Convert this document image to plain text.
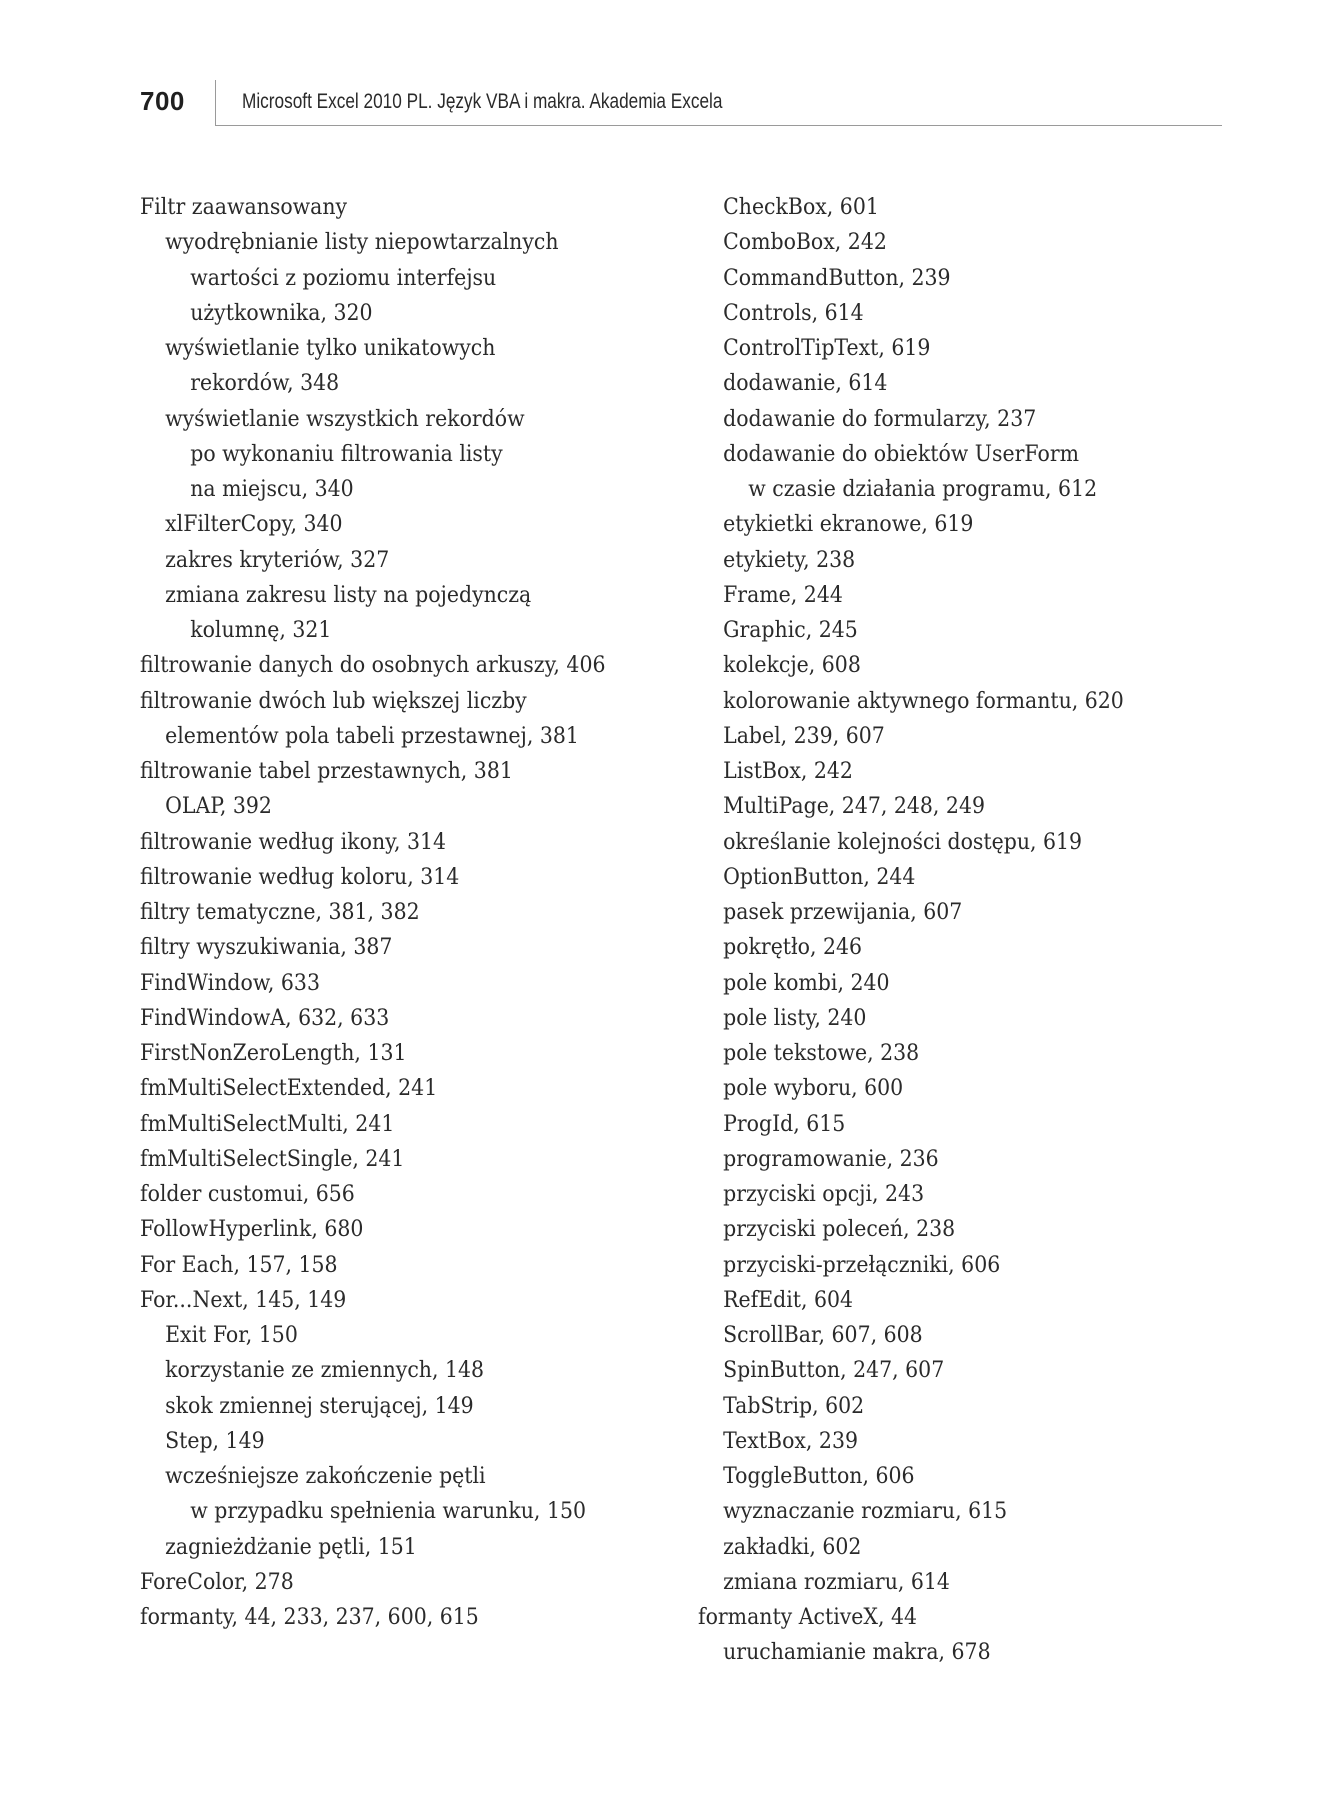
700	Microsoft Excel 2010 PL. Język VBA i makra. Akademia Excela
Filtr zaawansowany
wyodrębnianie listy niepowtarzalnych
wartości z poziomu interfejsu
użytkownika, 320
wyświetlanie tylko unikatowych
rekordów, 348
wyświetlanie wszystkich rekordów
po wykonaniu filtrowania listy
na miejscu, 340
xlFilterCopy, 340
zakres kryteriów, 327
zmiana zakresu listy na pojedynczą
kolumnę, 321
filtrowanie danych do osobnych arkuszy, 406
filtrowanie dwóch lub większej liczby
elementów pola tabeli przestawnej, 381
filtrowanie tabel przestawnych, 381
OLAP, 392
filtrowanie według ikony, 314
filtrowanie według koloru, 314
filtry tematyczne, 381, 382
filtry wyszukiwania, 387
FindWindow, 633
FindWindowA, 632, 633
FirstNonZeroLength, 131
fmMultiSelectExtended, 241
fmMultiSelectMulti, 241
fmMultiSelectSingle, 241
folder customui, 656
FollowHyperlink, 680
For Each, 157, 158
For...Next, 145, 149
Exit For, 150
korzystanie ze zmiennych, 148
skok zmiennej sterującej, 149
Step, 149
wcześniejsze zakończenie pętli
w przypadku spełnienia warunku, 150
zagnieżdżanie pętli, 151
ForeColor, 278
formanty, 44, 233, 237, 600, 615
CheckBox, 601
ComboBox, 242
CommandButton, 239
Controls, 614
ControlTipText, 619
dodawanie, 614
dodawanie do formularzy, 237
dodawanie do obiektów UserForm
w czasie działania programu, 612
etykietki ekranowe, 619
etykiety, 238
Frame, 244
Graphic, 245
kolekcje, 608
kolorowanie aktywnego formantu, 620
Label, 239, 607
ListBox, 242
MultiPage, 247, 248, 249
określanie kolejności dostępu, 619
OptionButton, 244
pasek przewijania, 607
pokrętło, 246
pole kombi, 240
pole listy, 240
pole tekstowe, 238
pole wyboru, 600
ProgId, 615
programowanie, 236
przyciski opcji, 243
przyciski poleceń, 238
przyciski-przełączniki, 606
RefEdit, 604
ScrollBar, 607, 608
SpinButton, 247, 607
TabStrip, 602
TextBox, 239
ToggleButton, 606
wyznaczanie rozmiaru, 615
zakładki, 602
zmiana rozmiaru, 614
formanty ActiveX, 44
uruchamianie makra, 678
